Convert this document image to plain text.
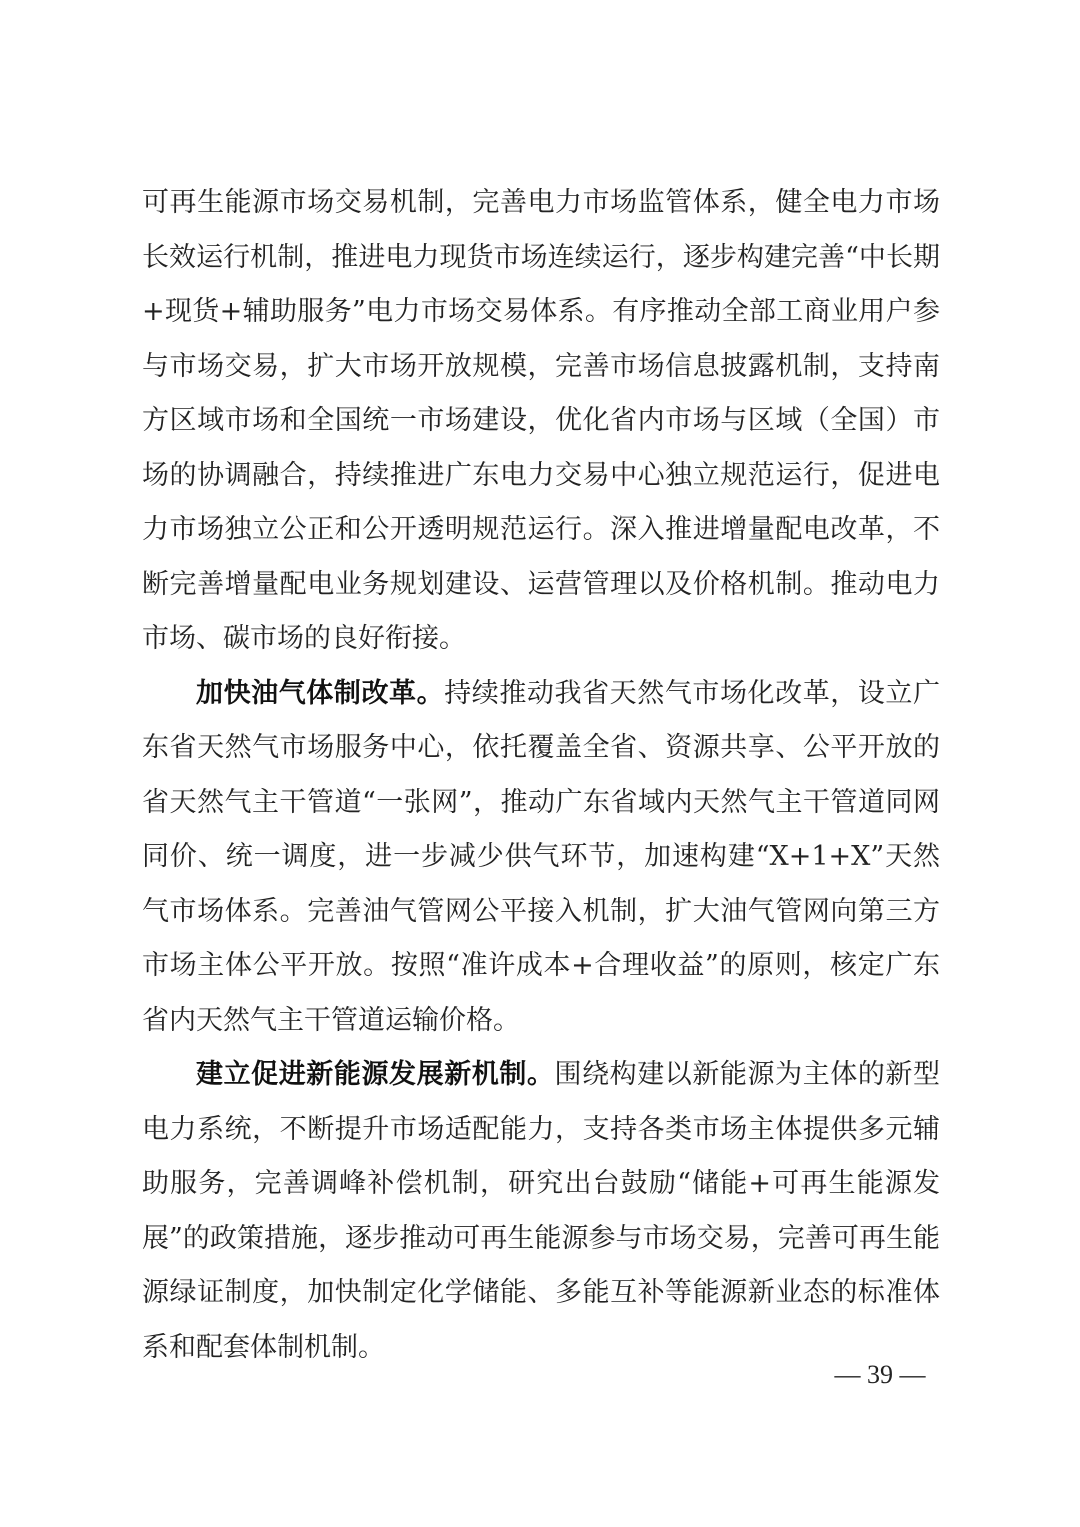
可再生能源市场交易机制，完善电力市场监管体系，健全电力市场长效运行机制，推进电力现货市场连续运行，逐步构建完善“中长期+现货+辅助服务”电力市场交易体系。有序推动全部工商业用户参与市场交易，扩大市场开放规模，完善市场信息披露机制，支持南方区域市场和全国统一市场建设，优化省内市场与区域（全国）市场的协调融合，持续推进广东电力交易中心独立规范运行，促进电力市场独立公正和公开透明规范运行。深入推进增量配电改革，不断完善增量配电业务规划建设、运营管理以及价格机制。推动电力市场、碳市场的良好衔接。

加快油气体制改革。持续推动我省天然气市场化改革，设立广东省天然气市场服务中心，依托覆盖全省、资源共享、公平开放的省天然气主干管道“一张网”，推动广东省域内天然气主干管道同网同价、统一调度，进一步减少供气环节，加速构建“X+1+X”天然气市场体系。完善油气管网公平接入机制，扩大油气管网向第三方市场主体公平开放。按照“准许成本+合理收益”的原则，核定广东省内天然气主干管道运输价格。

建立促进新能源发展新机制。围绕构建以新能源为主体的新型电力系统，不断提升市场适配能力，支持各类市场主体提供多元辅助服务，完善调峰补偿机制，研究出台鼓励“储能+可再生能源发展”的政策措施，逐步推动可再生能源参与市场交易，完善可再生能源绿证制度，加快制定化学储能、多能互补等能源新业态的标准体系和配套体制机制。

— 39 —
